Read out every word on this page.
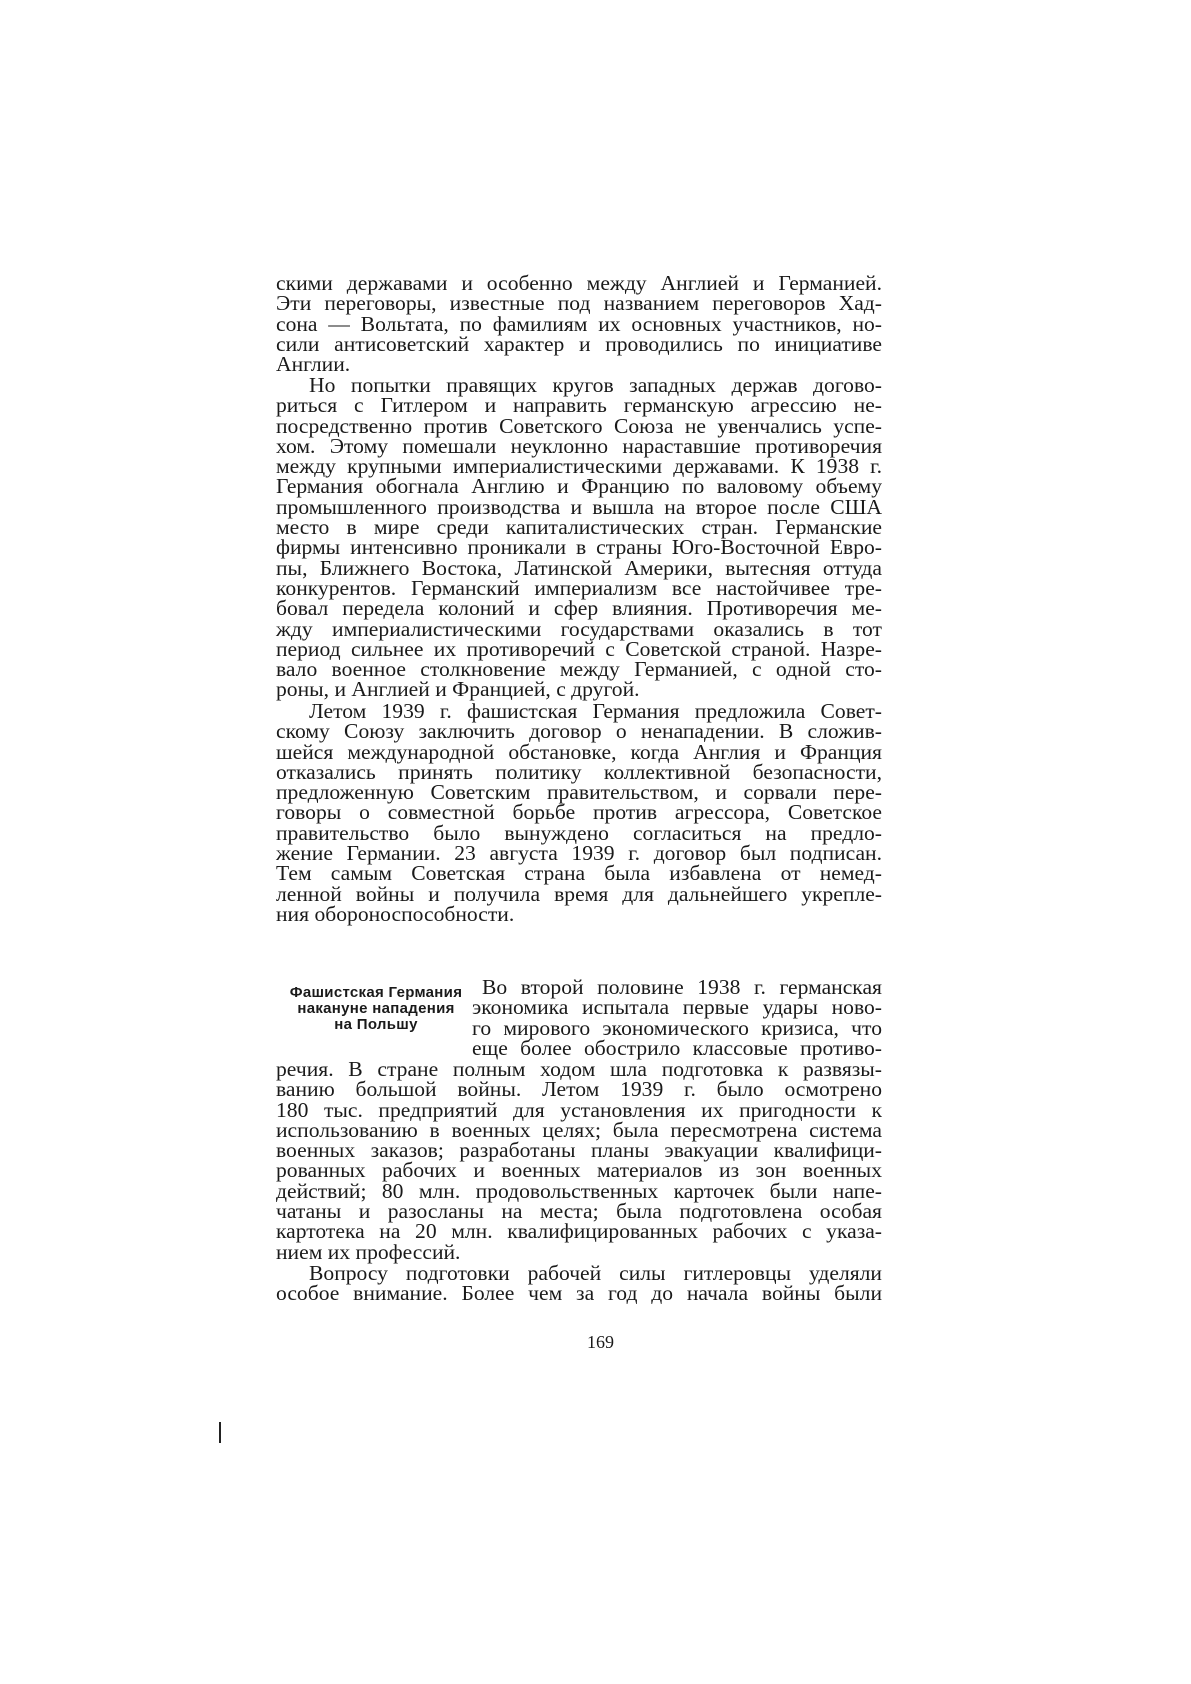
скими державами и особенно между Англией и Германией.
Эти переговоры, известные под названием переговоров Хад-
сона — Вольтата, по фамилиям их основных участников, но-
сили антисоветский характер и проводились по инициативе
Англии.
Но попытки правящих кругов западных держав догово-
риться с Гитлером и направить германскую агрессию не-
посредственно против Советского Союза не увенчались успе-
хом. Этому помешали неуклонно нараставшие противоречия
между крупными империалистическими державами. К 1938 г.
Германия обогнала Англию и Францию по валовому объему
промышленного производства и вышла на второе после США
место в мире среди капиталистических стран. Германские
фирмы интенсивно проникали в страны Юго-Восточной Евро-
пы, Ближнего Востока, Латинской Америки, вытесняя оттуда
конкурентов. Германский империализм все настойчивее тре-
бовал передела колоний и сфер влияния. Противоречия ме-
жду империалистическими государствами оказались в тот
период сильнее их противоречий с Советской страной. Назре-
вало военное столкновение между Германией, с одной сто-
роны, и Англией и Францией, с другой.
Летом 1939 г. фашистская Германия предложила Совет-
скому Союзу заключить договор о ненападении. В сложив-
шейся международной обстановке, когда Англия и Франция
отказались принять политику коллективной безопасности,
предложенную Советским правительством, и сорвали пере-
говоры о совместной борьбе против агрессора, Советское
правительство было вынуждено согласиться на предло-
жение Германии. 23 августа 1939 г. договор был подписан.
Тем самым Советская страна была избавлена от немед-
ленной войны и получила время для дальнейшего укрепле-
ния обороноспособности.
Фашистская Германия
накануне нападения
на Польшу
Во второй половине 1938 г. германская
экономика испытала первые удары ново-
го мирового экономического кризиса, что
еще более обострило классовые противо-
речия. В стране полным ходом шла подготовка к развязы-
ванию большой войны. Летом 1939 г. было осмотрено
180 тыс. предприятий для установления их пригодности к
использованию в военных целях; была пересмотрена система
военных заказов; разработаны планы эвакуации квалифици-
рованных рабочих и военных материалов из зон военных
действий; 80 млн. продовольственных карточек были напе-
чатаны и разосланы на места; была подготовлена особая
картотека на 20 млн. квалифицированных рабочих с указа-
нием их профессий.
Вопросу подготовки рабочей силы гитлеровцы уделяли
особое внимание. Более чем за год до начала войны были
169
